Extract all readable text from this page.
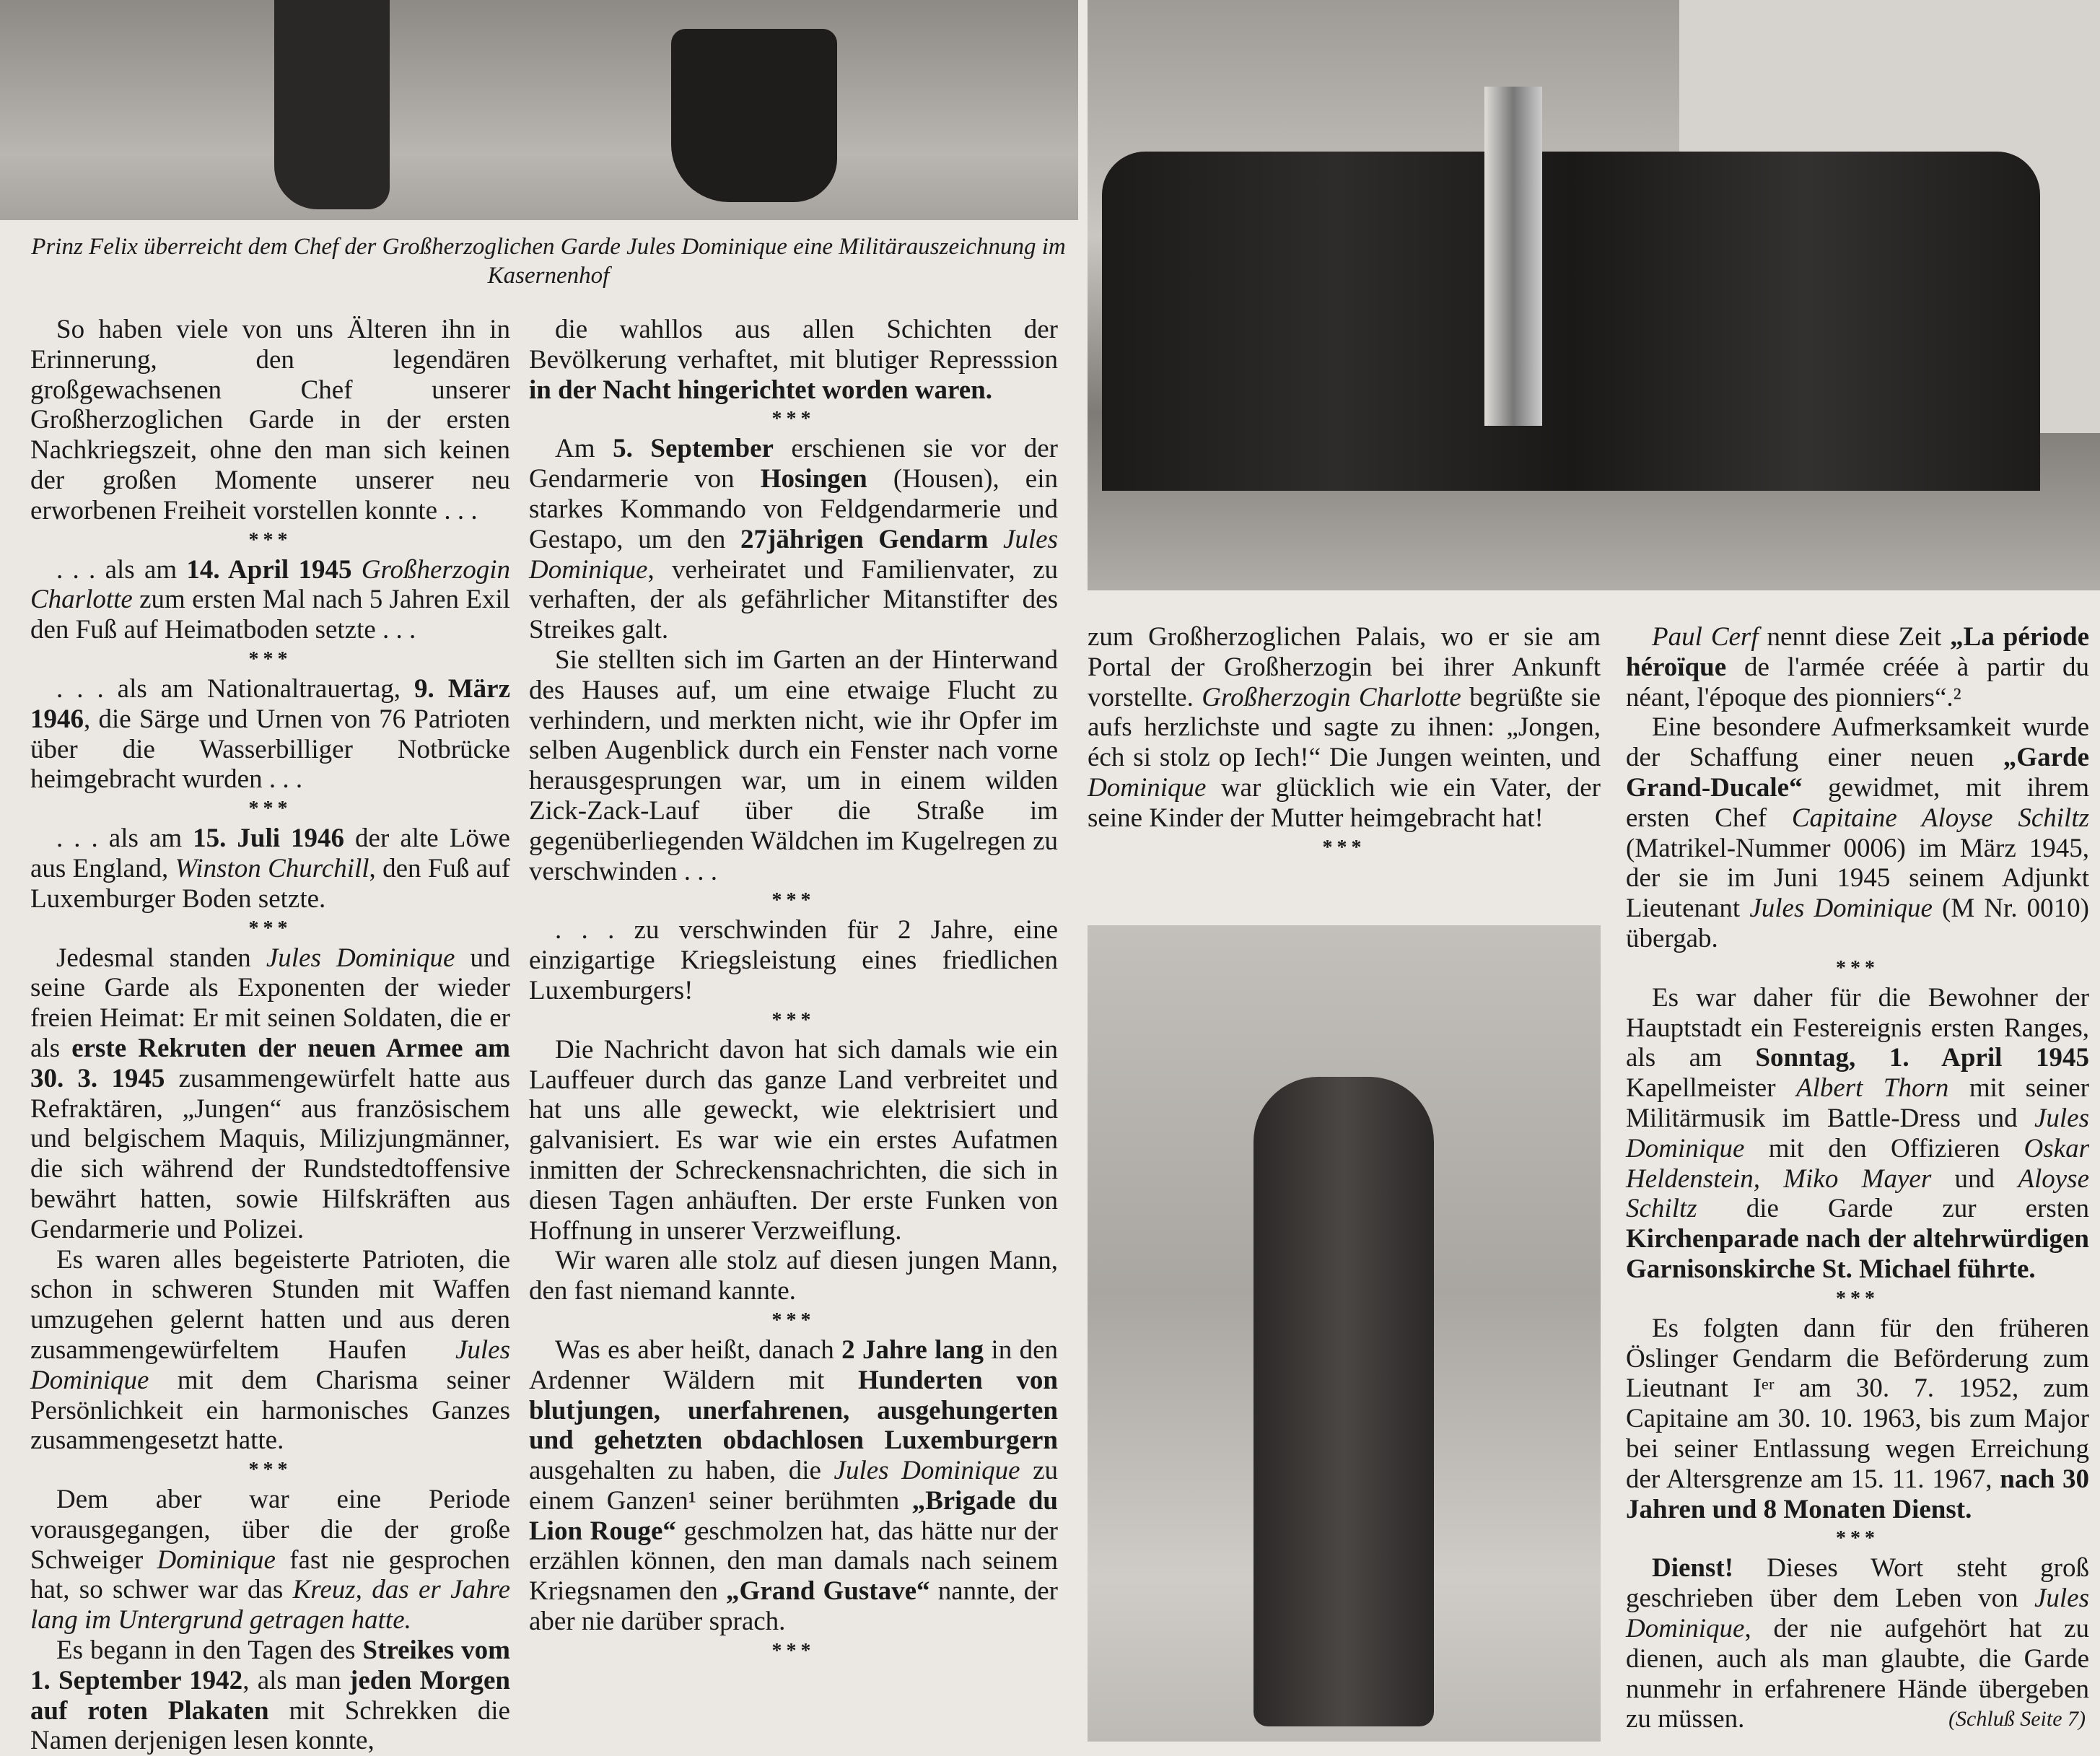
Prinz Felix überreicht dem Chef der Großherzoglichen Garde Jules Dominique eine Militärauszeichnung im Kasernenhof

So haben viele von uns Älteren ihn in Erinnerung, den legendären großgewachsenen Chef unserer Großherzoglichen Garde in der ersten Nachkriegszeit, ohne den man sich keinen der großen Momente unserer neu erworbenen Freiheit vorstellen konnte . . .

***

. . . als am 14. April 1945 Großherzogin Charlotte zum ersten Mal nach 5 Jahren Exil den Fuß auf Heimatboden setzte . . .

***

. . . als am Nationaltrauertag, 9. März 1946, die Särge und Urnen von 76 Patrioten über die Wasserbilliger Notbrücke heimgebracht wurden . . .

***

. . . als am 15. Juli 1946 der alte Löwe aus England, Winston Churchill, den Fuß auf Luxemburger Boden setzte.

***

Jedesmal standen Jules Dominique und seine Garde als Exponenten der wieder freien Heimat: Er mit seinen Soldaten, die er als erste Rekruten der neuen Armee am 30. 3. 1945 zusammengewürfelt hatte aus Refraktären, „Jungen“ aus französischem und belgischem Maquis, Milizjungmänner, die sich während der Rundstedtoffensive bewährt hatten, sowie Hilfskräften aus Gendarmerie und Polizei.

Es waren alles begeisterte Patrioten, die schon in schweren Stunden mit Waffen umzugehen gelernt hatten und aus deren zusammengewürfeltem Haufen Jules Dominique mit dem Charisma seiner Persönlichkeit ein harmonisches Ganzes zusammengesetzt hatte.

***

Dem aber war eine Periode vorausgegangen, über die der große Schweiger Dominique fast nie gesprochen hat, so schwer war das Kreuz, das er Jahre lang im Untergrund getragen hatte.

Es begann in den Tagen des Streikes vom 1. September 1942, als man jeden Morgen auf roten Plakaten mit Schrekken die Namen derjenigen lesen konnte,

die wahllos aus allen Schichten der Bevölkerung verhaftet, mit blutiger Represssion in der Nacht hingerichtet worden waren.

***

Am 5. September erschienen sie vor der Gendarmerie von Hosingen (Housen), ein starkes Kommando von Feldgendarmerie und Gestapo, um den 27jährigen Gendarm Jules Dominique, verheiratet und Familienvater, zu verhaften, der als gefährlicher Mitanstifter des Streikes galt.

Sie stellten sich im Garten an der Hinterwand des Hauses auf, um eine etwaige Flucht zu verhindern, und merkten nicht, wie ihr Opfer im selben Augenblick durch ein Fenster nach vorne herausgesprungen war, um in einem wilden Zick-Zack-Lauf über die Straße im gegenüberliegenden Wäldchen im Kugelregen zu verschwinden . . .

***

. . . zu verschwinden für 2 Jahre, eine einzigartige Kriegsleistung eines friedlichen Luxemburgers!

***

Die Nachricht davon hat sich damals wie ein Lauffeuer durch das ganze Land verbreitet und hat uns alle geweckt, wie elektrisiert und galvanisiert. Es war wie ein erstes Aufatmen inmitten der Schreckensnachrichten, die sich in diesen Tagen anhäuften. Der erste Funken von Hoffnung in unserer Verzweiflung.

Wir waren alle stolz auf diesen jungen Mann, den fast niemand kannte.

***

Was es aber heißt, danach 2 Jahre lang in den Ardenner Wäldern mit Hunderten von blutjungen, unerfahrenen, ausgehungerten und gehetzten obdachlosen Luxemburgern ausgehalten zu haben, die Jules Dominique zu einem Ganzen¹ seiner berühmten „Brigade du Lion Rouge“ geschmolzen hat, das hätte nur der erzählen können, den man damals nach seinem Kriegsnamen den „Grand Gustave“ nannte, der aber nie darüber sprach.

***

zum Großherzoglichen Palais, wo er sie am Portal der Großherzogin bei ihrer Ankunft vorstellte. Großherzogin Charlotte begrüßte sie aufs herzlichste und sagte zu ihnen: „Jongen, éch si stolz op Iech!“ Die Jungen weinten, und Dominique war glücklich wie ein Vater, der seine Kinder der Mutter heimgebracht hat!

***

Paul Cerf nennt diese Zeit „La période héroïque de l'armée créée à partir du néant, l'époque des pionniers“.²

Eine besondere Aufmerksamkeit wurde der Schaffung einer neuen „Garde Grand-Ducale“ gewidmet, mit ihrem ersten Chef Capitaine Aloyse Schiltz (Matrikel-Nummer 0006) im März 1945, der sie im Juni 1945 seinem Adjunkt Lieutenant Jules Dominique (M Nr. 0010) übergab.

***

Es war daher für die Bewohner der Hauptstadt ein Festereignis ersten Ranges, als am Sonntag, 1. April 1945 Kapellmeister Albert Thorn mit seiner Militärmusik im Battle-Dress und Jules Dominique mit den Offizieren Oskar Heldenstein, Miko Mayer und Aloyse Schiltz die Garde zur ersten Kirchenparade nach der altehrwürdigen Garnisonskirche St. Michael führte.

***

Es folgten dann für den früheren Öslinger Gendarm die Beförderung zum Lieutnant Iᵉʳ am 30. 7. 1952, zum Capitaine am 30. 10. 1963, bis zum Major bei seiner Entlassung wegen Erreichung der Altersgrenze am 15. 11. 1967, nach 30 Jahren und 8 Monaten Dienst.

***

Dienst! Dieses Wort steht groß geschrieben über dem Leben von Jules Dominique, der nie aufgehört hat zu dienen, auch als man glaubte, die Garde nunmehr in erfahrenere Hände übergeben zu müssen.	(Schluß Seite 7)
